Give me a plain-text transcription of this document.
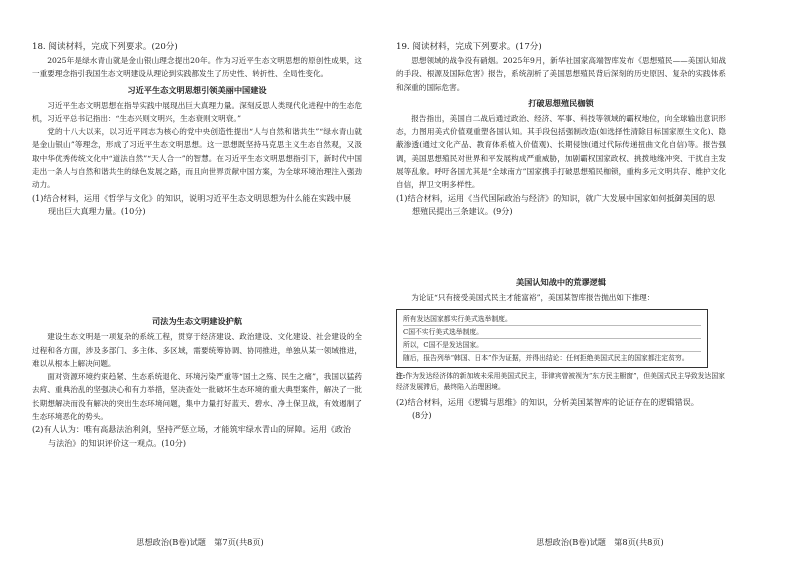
18. 阅读材料，完成下列要求。(20分)

2025年是绿水青山就是金山银山理念提出20年。作为习近平生态文明思想的原创性成果，这一重要理念指引我国生态文明建设从理论到实践都发生了历史性、转折性、全局性变化。

习近平生态文明思想引领美丽中国建设

习近平生态文明思想在指导实践中展现出巨大真理力量。深刻反思人类现代化进程中的生态危机，习近平总书记指出：“生态兴则文明兴，生态衰则文明衰。”

党的十八大以来，以习近平同志为核心的党中央创造性提出“人与自然和谐共生”“绿水青山就是金山银山”等理念，形成了习近平生态文明思想。这一思想既坚持马克思主义生态自然观，又汲取中华优秀传统文化中“道法自然”“天人合一”的智慧。在习近平生态文明思想指引下，新时代中国走出一条人与自然和谐共生的绿色发展之路，而且向世界贡献中国方案，为全球环境治理注入强劲动力。

(1)结合材料，运用《哲学与文化》的知识，说明习近平生态文明思想为什么能在实践中展

现出巨大真理力量。(10分)

司法为生态文明建设护航

建设生态文明是一项复杂的系统工程，贯穿于经济建设、政治建设、文化建设、社会建设的全过程和各方面，涉及多部门、多主体、多区域，需要统筹协调、协同推进，单独从某一领域推进，难以从根本上解决问题。

面对资源环境约束趋紧、生态系统退化、环境污染严重等“国土之殇、民生之痛”，我国以猛药去疴、重典治乱的坚强决心和有力举措，坚决查处一批破坏生态环境的重大典型案件，解决了一批长期想解决而没有解决的突出生态环境问题，集中力量打好蓝天、碧水、净土保卫战，有效遏制了生态环境恶化的势头。

(2)有人认为：唯有高悬法治利剑，坚持严惩立场，才能筑牢绿水青山的屏障。运用《政治

与法治》的知识评价这一观点。(10分)

思想政治(B卷)试题　第7页(共8页)
19. 阅读材料，完成下列要求。(17分)

思想领域的战争没有硝烟。2025年9月，新华社国家高端智库发布《思想殖民——美国认知战的手段、根源及国际危害》报告，系统剖析了美国思想殖民背后深刻的历史原因、复杂的实践体系和深重的国际危害。

打破思想殖民枷锁

报告指出，美国自二战后通过政治、经济、军事、科技等领域的霸权地位，向全球输出意识形态，力图用美式价值观重塑各国认知。其手段包括强制改造(如选择性清除目标国家原生文化)、隐蔽渗透(通过文化产品、教育体系植入价值观)、长期侵蚀(通过代际传递扭曲文化自信)等。报告强调，美国思想殖民对世界和平发展构成严重威胁，加剧霸权国家政权、挑拨地缘冲突、干扰自主发展等乱象。呼吁各国尤其是“全球南方”国家携手打破思想殖民枷锁，重构多元文明共存、维护文化自信，捍卫文明多样性。

(1)结合材料，运用《当代国际政治与经济》的知识，就广大发展中国家如何抵御美国的思

想殖民提出三条建议。(9分)

美国认知战中的荒谬逻辑

为论证“只有接受美国式民主才能富裕”，美国某智库报告抛出如下推理：

所有发达国家都实行美式选举制度。
C国不实行美式选举制度。
所以，C国不是发达国家。
随后，报告列举“韩国、日本”作为证据，并得出结论：任何拒绝美国式民主的国家都注定贫穷。

注:作为发达经济体的新加坡未采用美国式民主，菲律宾曾被视为“东方民主橱窗”，但美国式民主导致发达国家经济发展滞后，最终陷入治理困境。

(2)结合材料，运用《逻辑与思维》的知识，分析美国某智库的论证存在的逻辑错误。

(8分)

思想政治(B卷)试题　第8页(共8页)
